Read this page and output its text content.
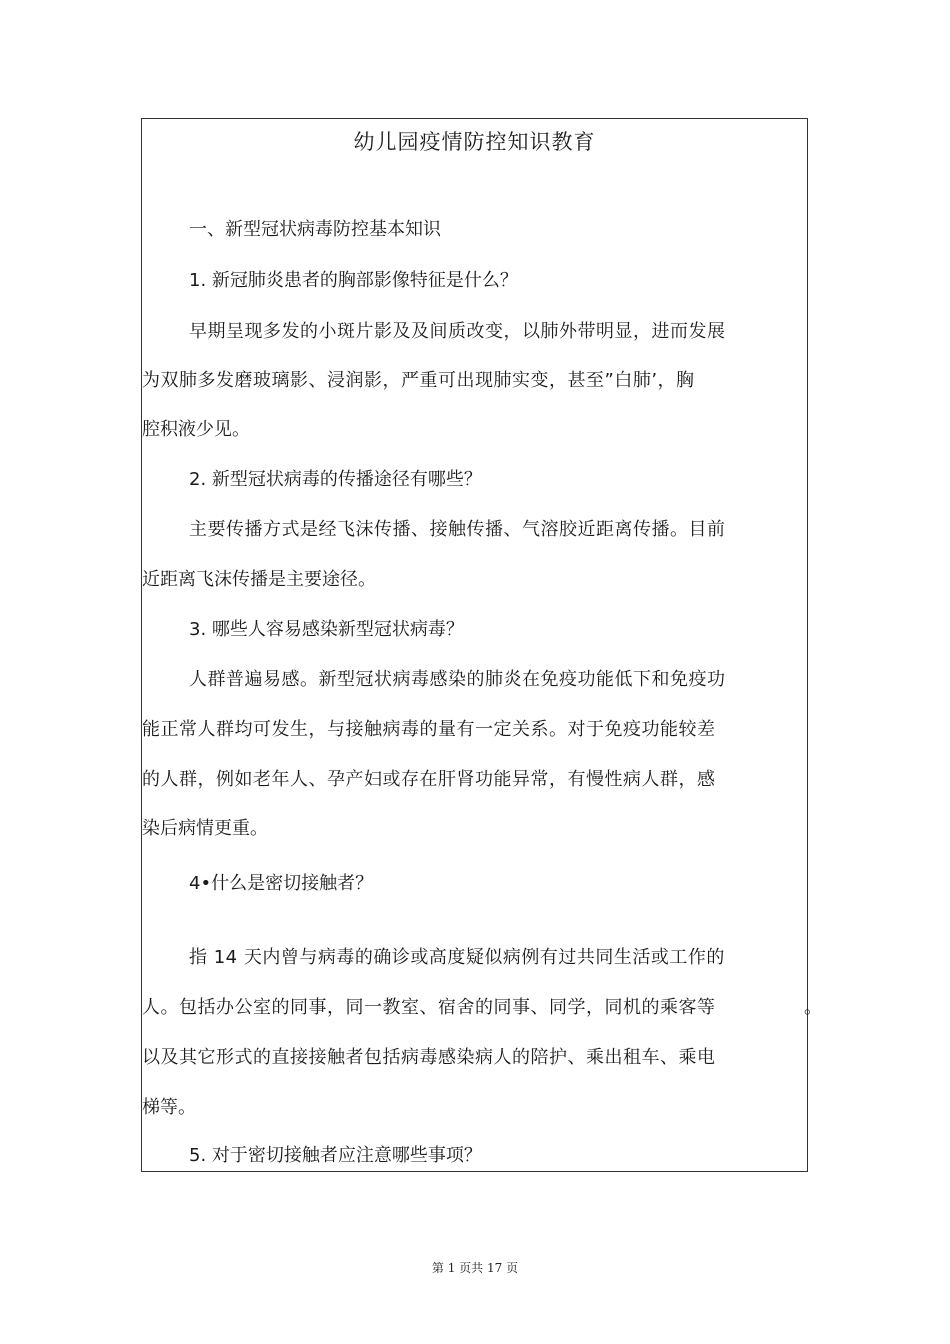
幼儿园疫情防控知识教育

一、新型冠状病毒防控基本知识

1. 新冠肺炎患者的胸部影像特征是什么？

早期呈现多发的小斑片影及及间质改变，以肺外带明显，进而发展

为双肺多发磨玻璃影、浸润影，严重可出现肺实变，甚至”白肺’，胸

腔积液少见。

2. 新型冠状病毒的传播途径有哪些？

主要传播方式是经飞沫传播、接触传播、气溶胶近距离传播。目前

近距离飞沫传播是主要途径。

3. 哪些人容易感染新型冠状病毒？

人群普遍易感。新型冠状病毒感染的肺炎在免疫功能低下和免疫功

能正常人群均可发生，与接触病毒的量有一定关系。对于免疫功能较差

的人群，例如老年人、孕产妇或存在肝肾功能异常，有慢性病人群，感

染后病情更重。

4•什么是密切接触者？

指 14 天内曾与病毒的确诊或高度疑似病例有过共同生活或工作的

人。包括办公室的同事，同一教室、宿舍的同事、同学，同机的乘客等	。

以及其它形式的直接接触者包括病毒感染病人的陪护、乘出租车、乘电

梯等。

5. 对于密切接触者应注意哪些事项？

第 1 页共 17 页
